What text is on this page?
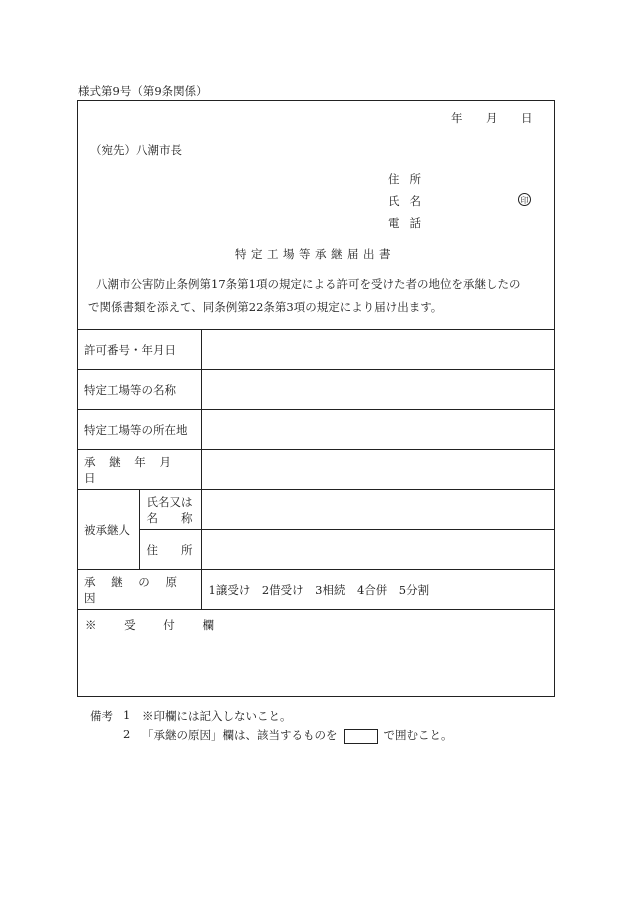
様式第9号（第9条関係）
年 月 日
（宛先）八潮市長
住所
氏名	印
電話
特定工場等承継届出書
八潮市公害防止条例第17条第1項の規定による許可を受けた者の地位を承継したの
で関係書類を添えて、同条例第22条第3項の規定により届け出ます。
許可番号・年月日		
特定工場等の名称		
特定工場等の所在地		
承 継 年 月 日		
被承継人	氏名又は
名　　称	

	住　　所	
承 継 の 原 因		1譲受け　2借受け　3相続　4合併　5分割
※ 受 付 欄
備考 1 ※印欄には記入しないこと。
2 「承継の原因」欄は、該当するものを	で囲むこと。
